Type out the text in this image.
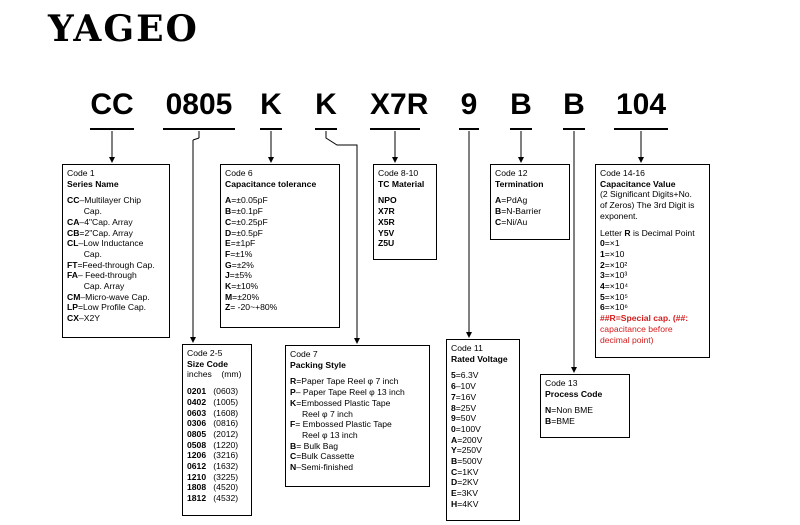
YAGEO
CC 0805 K K X7R 9 B B 104
Code 1
Series Name
CC–Multilayer Chip
Cap.
CA–4"Cap. Array
CB=2"Cap. Array
CL–Low Inductance
Cap.
FT=Feed-through Cap.
FA– Feed-through
Cap. Array
CM–Micro-wave Cap.
LP=Low Profile Cap.
CX–X2Y
Code 6
Capacitance tolerance
A=±0.05pF
B=±0.1pF
C=±0.25pF
D=±0.5pF
E=±1pF
F=±1%
G=±2%
J=±5%
K=±10%
M=±20%
Z= -20~+80%
Code 8-10
TC Material
NPO
X7R
X5R
Y5V
Z5U
Code 12
Termination
A=PdAg
B=N-Barrier
C=Ni/Au
Code 14-16
Capacitance Value
(2 Significant Digits+No.
of Zeros) The 3rd Digit is
exponent.
Letter R is Decimal Point
0=×1
1=×10
2=×10²
3=×10³
4=×10⁴
5=×10⁵
6=×10⁶
##R=Special cap. (##:
capacitance before
decimal point)
Code 2-5
Size Code
inches    (mm)
0201 (0603)
0402 (1005)
0603 (1608)
0306 (0816)
0805 (2012)
0508 (1220)
1206 (3216)
0612 (1632)
1210 (3225)
1808 (4520)
1812 (4532)
Code 7
Packing Style
R=Paper Tape Reel φ 7 inch
P– Paper Tape Reel φ 13 inch
K=Embossed Plastic Tape
Reel φ 7 inch
F= Embossed Plastic Tape
Reel φ 13 inch
B= Bulk Bag
C=Bulk Cassette
N–Semi-finished
Code 11
Rated Voltage
5=6.3V
6–10V
7=16V
8=25V
9=50V
0=100V
A=200V
Y=250V
B=500V
C=1KV
D=2KV
E=3KV
H=4KV
Code 13
Process Code
N=Non BME
B=BME
